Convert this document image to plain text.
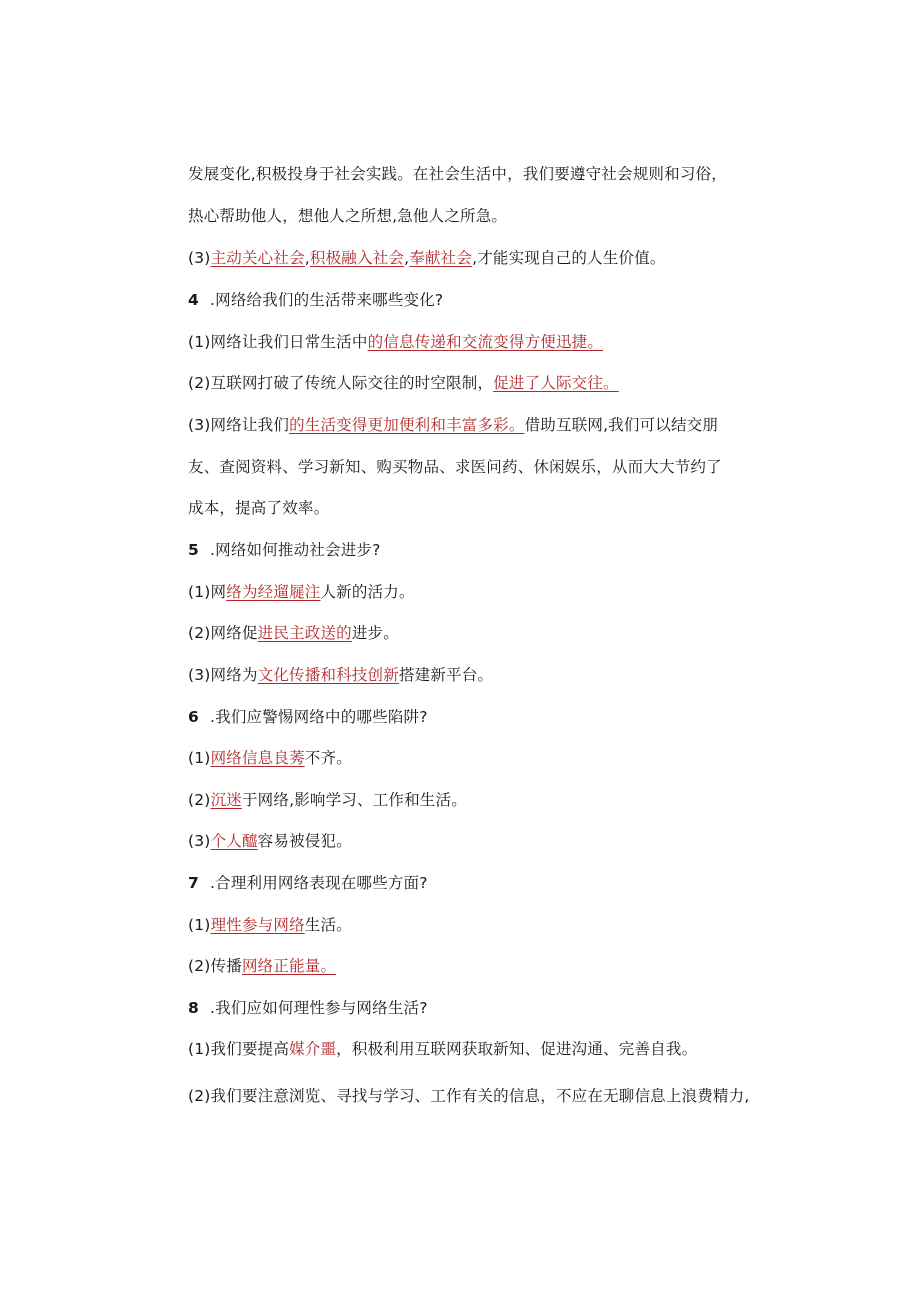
发展变化,积极投身于社会实践。在社会生活中，我们要遵守社会规则和习俗，
热心帮助他人，想他人之所想,急他人之所急。
(3)主动关心社会,积极融入社会,奉献社会,才能实现自己的人生价值。
4 .网络给我们的生活带来哪些变化?
(1)网络让我们日常生活中的信息传递和交流变得方便迅捷。
(2)互联网打破了传统人际交往的时空限制，促进了人际交往。
(3)网络让我们的生活变得更加便利和丰富多彩。借助互联网,我们可以结交朋
友、查阅资料、学习新知、购买物品、求医问药、休闲娱乐，从而大大节约了
成本，提高了效率。
5 .网络如何推动社会进步?
(1)网络为经遛屣注人新的活力。
(2)网络促进民主政送的进步。
(3)网络为文化传播和科技创新搭建新平台。
6 .我们应警惕网络中的哪些陷阱?
(1)网络信息良莠不齐。
(2)沉迷于网络,影响学习、工作和生活。
(3)个人醯容易被侵犯。
7 .合理利用网络表现在哪些方面?
(1)理性参与网络生活。
(2)传播网络正能量。
8 .我们应如何理性参与网络生活?
(1)我们要提高媒介噩，积极利用互联网获取新知、促进沟通、完善自我。
(2)我们要注意浏览、寻找与学习、工作有关的信息，不应在无聊信息上浪费精力,
